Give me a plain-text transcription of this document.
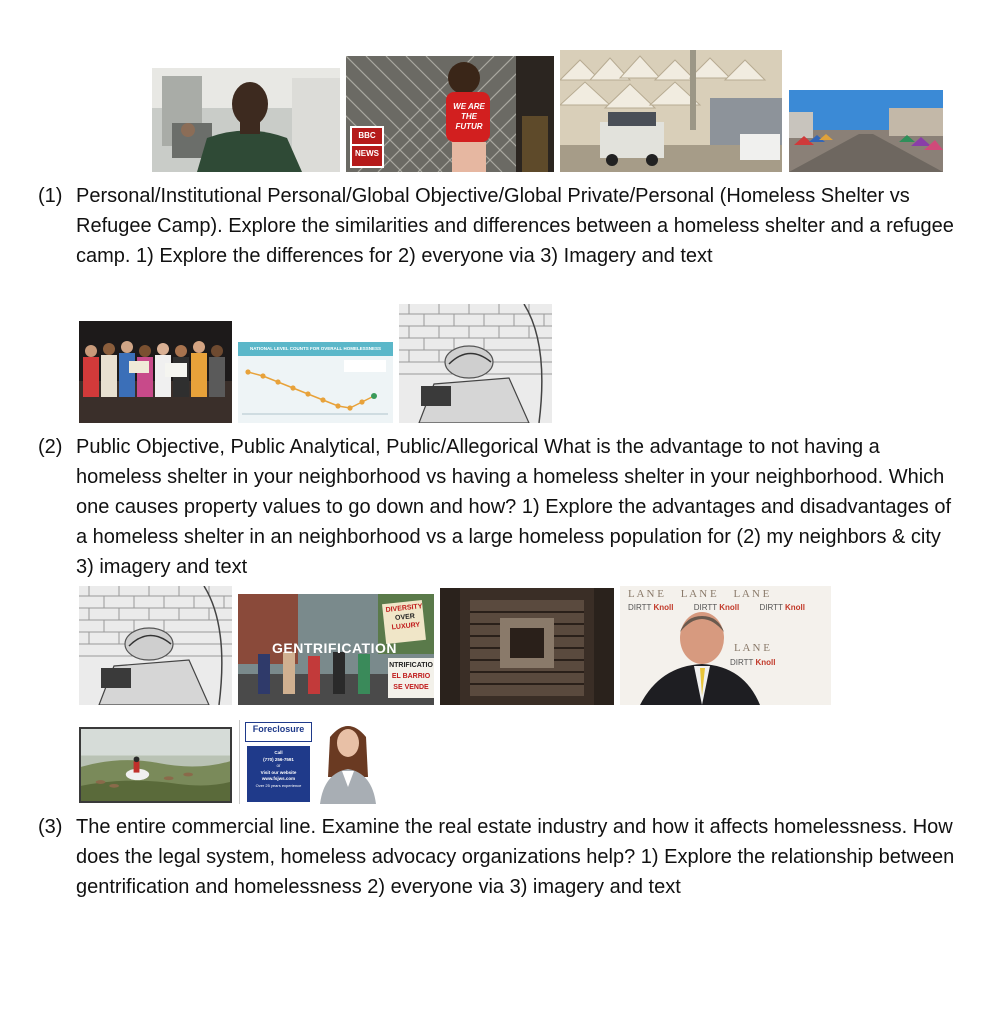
BBC
NEWS
WE ARE
THE FUTUR
(1) Personal/Institutional Personal/Global Objective/Global Private/Personal (Homeless Shelter vs Refugee Camp). Explore the similarities and differences between a homeless shelter and a refugee camp. 1) Explore the differences for 2) everyone via 3) Imagery and text
NATIONAL LEVEL COUNTS FOR OVERALL HOMELESSNESS
(2) Public Objective, Public Analytical, Public/Allegorical What is the advantage to not having a homeless shelter in your neighborhood vs having a homeless shelter in your neighborhood. Which one causes property values to go down and how? 1) Explore the advantages and disadvantages of a homeless shelter in an neighborhood vs a large homeless population for (2) my neighbors & city 3) imagery and text
GENTRIFICATION
DIVERSITY
OVER
LUXURY
NTRIFICATIO
EL BARRIO
SE VENDE
L A N E L A N E L A N E
DIRTT Knoll	DIRTT Knoll	DIRTT Knoll
L A N E
DIRTT Knoll
Foreclosure
Call
(770) 256-7591
or
Visit our website
www.fsjws.com
Over 25 years experience
(3) The entire commercial line. Examine the real estate industry and how it affects homelessness. How does the legal system, homeless advocacy organizations help? 1) Explore the relationship between gentrification and homelessness 2) everyone via 3) imagery and text
